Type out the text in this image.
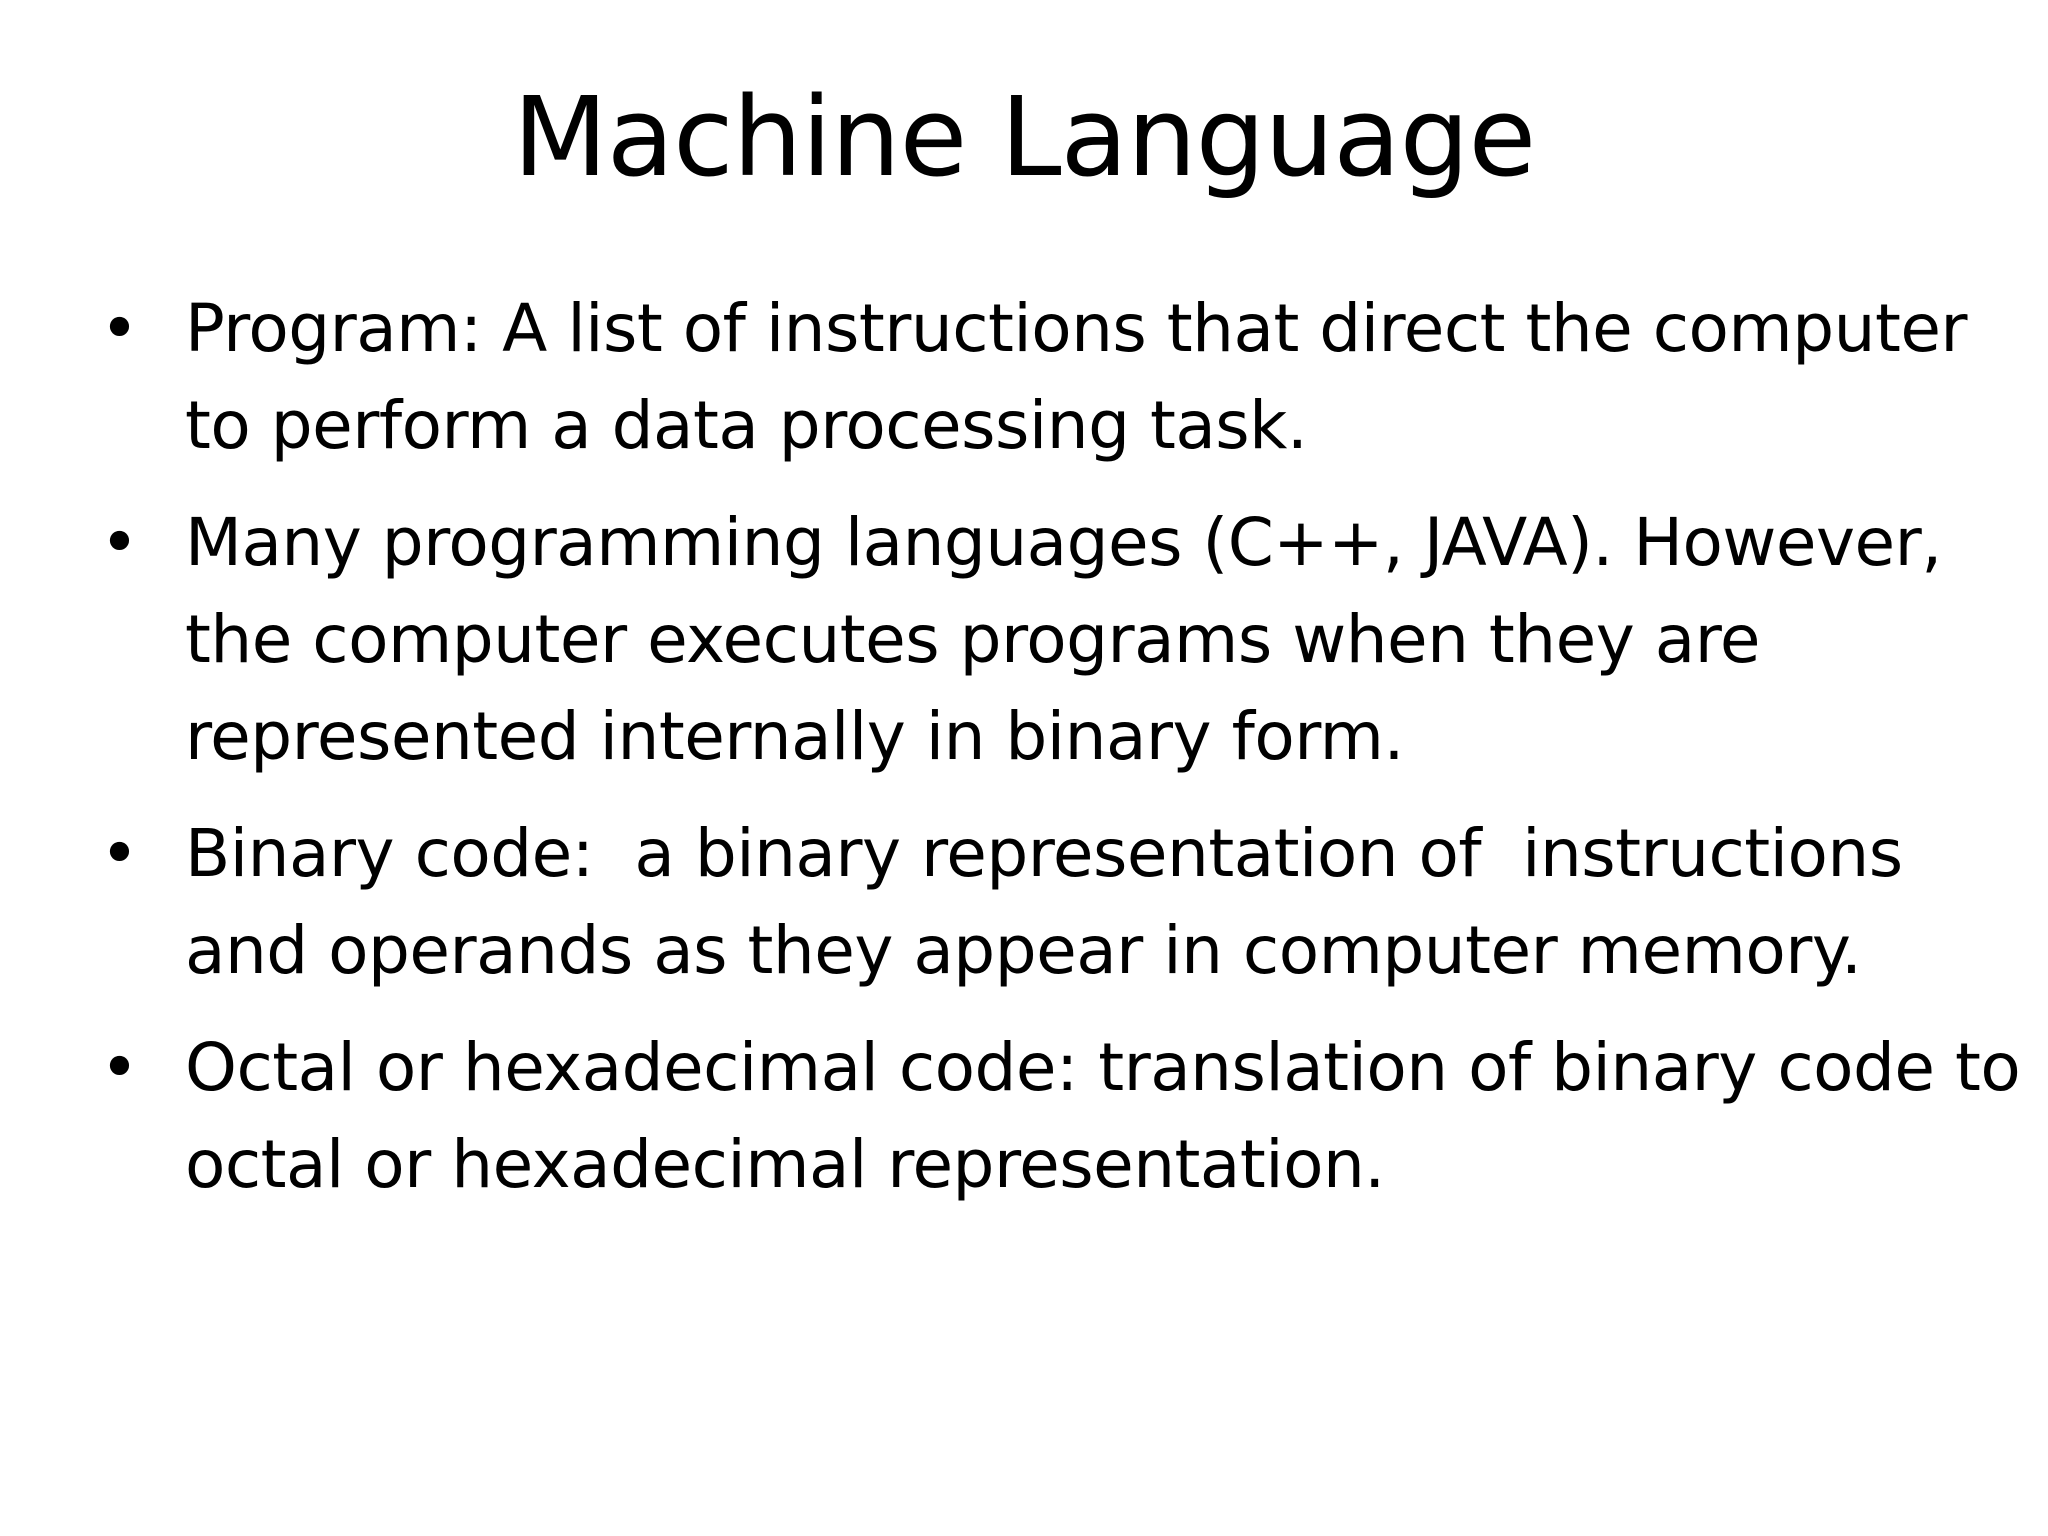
Machine Language
• Program: A list of instructions that direct the computer
to perform a data processing task.
• Many programming languages (C++, JAVA). However,
the computer executes programs when they are
represented internally in binary form.
• Binary code:  a binary representation of  instructions
and operands as they appear in computer memory.
• Octal or hexadecimal code: translation of binary code to
octal or hexadecimal representation.
